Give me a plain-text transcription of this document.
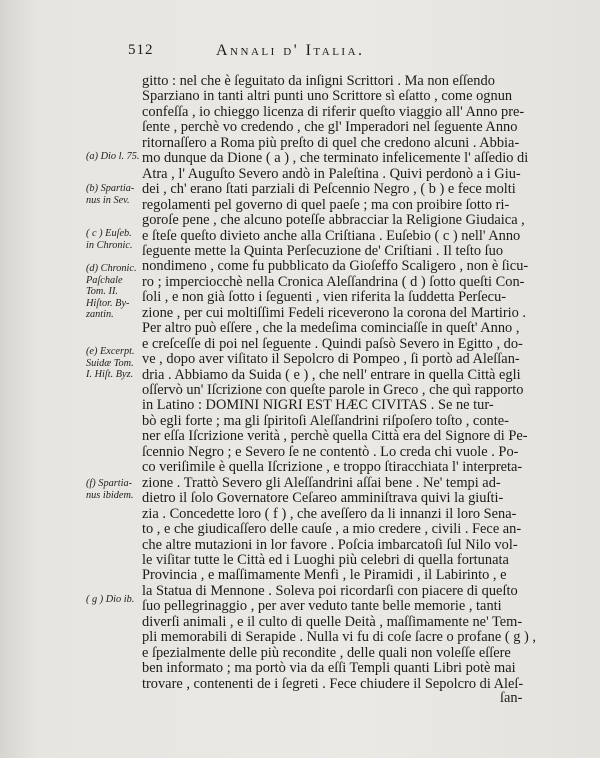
512	Annali d' Italia.
(a) Dio l. 75.
(b) Spartia-
nus in Sev.
( c ) Euſeb.
in Chronic.
(d) Chronic.
Paſchale
Tom. II.
Hiſtor. By-
zantin.
(e) Excerpt.
Suidæ Tom.
I. Hiſt. Byz.
(f) Spartia-
nus ibidem.
( g ) Dio ib.
gitto : nel che è ſeguitato da inſigni Scrittori . Ma non eſſendo
Sparziano in tanti altri punti uno Scrittore sì eſatto , come ognun
confeſſa , io chieggo licenza di riferir queſto viaggio all' Anno pre-
ſente , perchè vo credendo , che gl' Imperadori nel ſeguente Anno
ritornaſſero a Roma più preſto di quel che credono alcuni . Abbia-
mo dunque da Dione ( a ) , che terminato infelicemente l' aſſedio di
Atra , l' Auguſto Severo andò in Paleſtina . Quivi perdonò a i Giu-
dei , ch' erano ſtati parziali di Peſcennio Negro , ( b ) e fece molti
regolamenti pel governo di quel paeſe ; ma con proibire ſotto ri-
goroſe pene , che alcuno poteſſe abbracciar la Religione Giudaica ,
e ſteſe queſto divieto anche alla Criſtiana . Euſebio ( c ) nell' Anno
ſeguente mette la Quinta Perſecuzione de' Criſtiani . Il teſto ſuo
nondimeno , come fu pubblicato da Gioſeffo Scaligero , non è ſicu-
ro ; imperciocchè nella Cronica Aleſſandrina ( d ) ſotto queſti Con-
ſoli , e non già ſotto i ſeguenti , vien riferita la ſuddetta Perſecu-
zione , per cui moltiſſimi Fedeli riceverono la corona del Martirio .
Per altro può eſſere , che la medeſima cominciaſſe in queſt' Anno ,
e creſceſſe di poi nel ſeguente . Quindi paſsò Severo in Egitto , do-
ve , dopo aver viſitato il Sepolcro di Pompeo , ſi portò ad Aleſſan-
dria . Abbiamo da Suida ( e ) , che nell' entrare in quella Città egli
oſſervò un' Iſcrizione con queſte parole in Greco , che quì rapporto
in Latino : DOMINI NIGRI EST HÆC CIVITAS . Se ne tur-
bò egli forte ; ma gli ſpiritoſi Aleſſandrini riſpoſero toſto , conte-
ner eſſa Iſcrizione verità , perchè quella Città era del Signore di Pe-
ſcennio Negro ; e Severo ſe ne contentò . Lo creda chi vuole . Po-
co veriſimile è quella Iſcrizione , e troppo ſtiracchiata l' interpreta-
zione . Trattò Severo gli Aleſſandrini aſſai bene . Ne' tempi ad-
dietro il ſolo Governatore Ceſareo amminiſtrava quivi la giuſti-
zia . Concedette loro ( f ) , che aveſſero da li innanzi il loro Sena-
to , e che giudicaſſero delle cauſe , a mio credere , civili . Fece an-
che altre mutazioni in lor favore . Poſcia imbarcatoſi ſul Nilo vol-
le viſitar tutte le Città ed i Luoghi più celebri di quella fortunata
Provincia , e maſſimamente Menfi , le Piramidi , il Labirinto , e
la Statua di Mennone . Soleva poi ricordarſi con piacere di queſto
ſuo pellegrinaggio , per aver veduto tante belle memorie , tanti
diverſi animali , e il culto di quelle Deità , maſſimamente ne' Tem-
pli memorabili di Serapide . Nulla vi fu di coſe ſacre o profane ( g ) ,
e ſpezialmente delle più recondite , delle quali non voleſſe eſſere
ben informato ; ma portò via da eſſi Templi quanti Libri potè mai
trovare , contenenti de i ſegreti . Fece chiudere il Sepolcro di Aleſ-
ſan-
